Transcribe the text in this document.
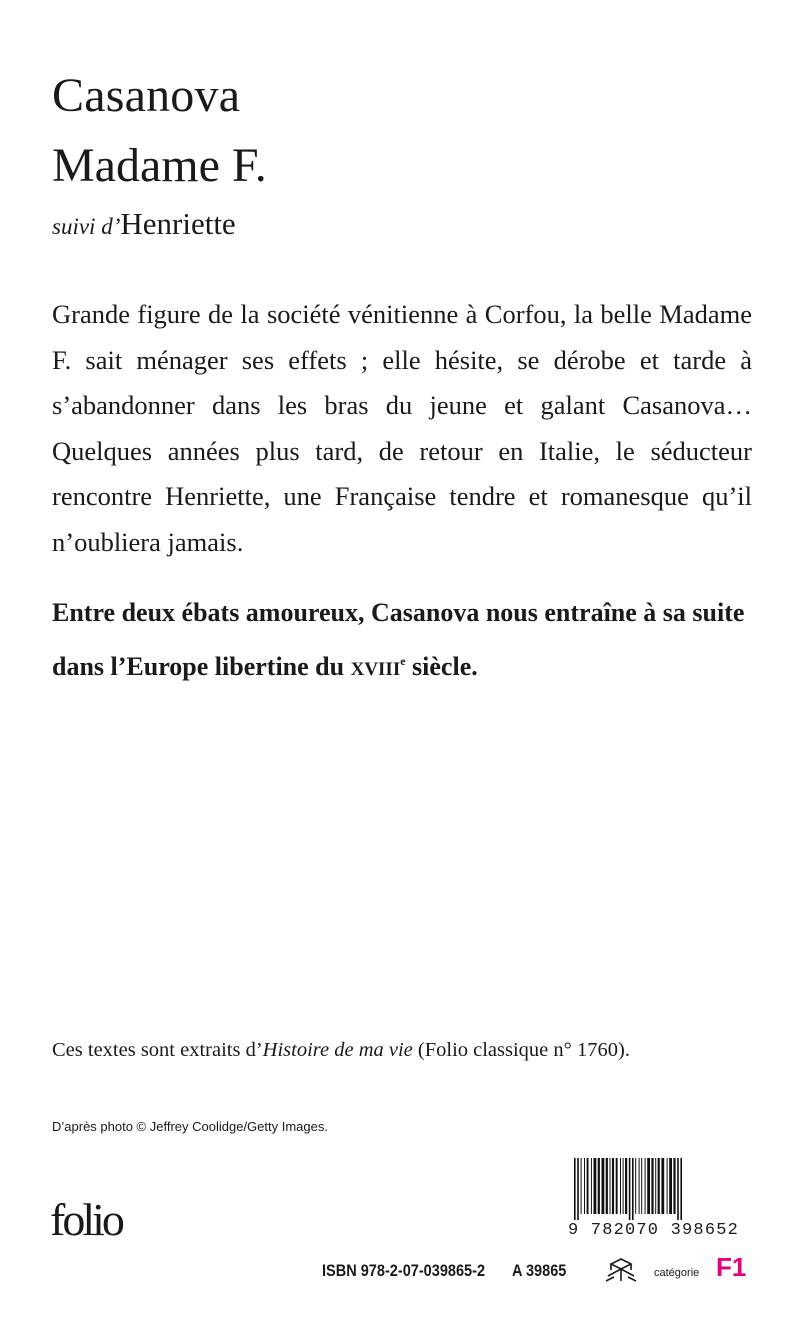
Casanova
Madame F.
suivi d’Henriette
Grande figure de la société vénitienne à Corfou, la belle Madame F. sait ménager ses effets ; elle hésite, se dérobe et tarde à s’abandonner dans les bras du jeune et galant Casanova… Quelques années plus tard, de retour en Italie, le séducteur rencontre Henriette, une Française tendre et romanesque qu’il n’oubliera jamais.
Entre deux ébats amoureux, Casanova nous entraîne à sa suite dans l’Europe libertine du XVIIIe siècle.
Ces textes sont extraits d’Histoire de ma vie (Folio classique n° 1760).
D’après photo © Jeffrey Coolidge/Getty Images.
folio	9 782070 398652
ISBN 978-2-07-039865-2 A 39865	catégorie F1
